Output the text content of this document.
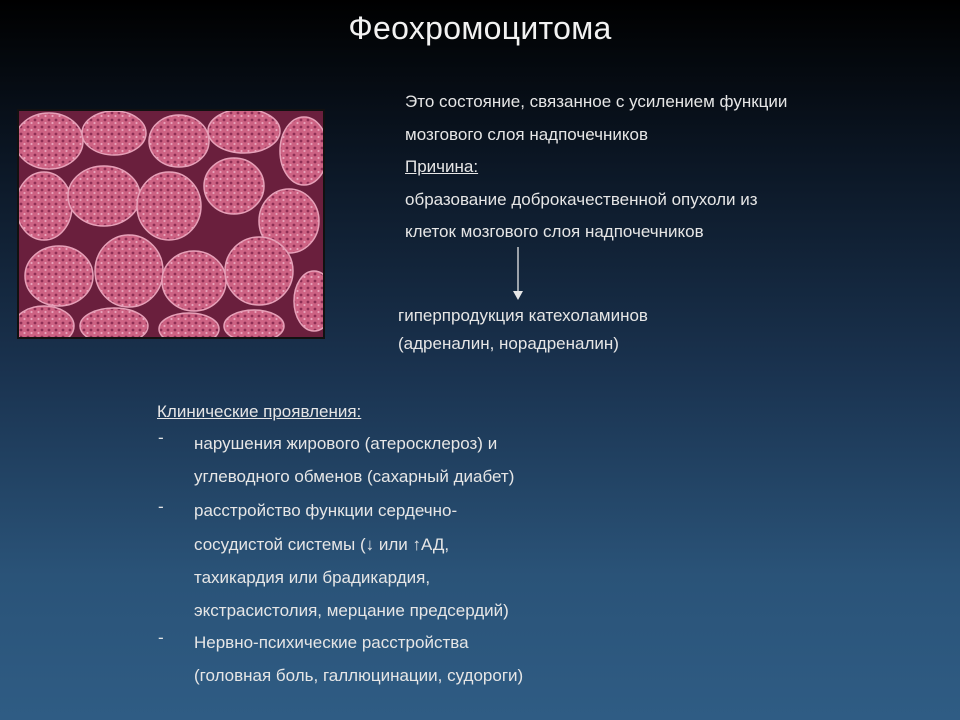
Феохромоцитома
Это состояние, связанное с усилением функции
мозгового слоя надпочечников
Причина:
образование доброкачественной опухоли из
клеток мозгового слоя надпочечников
гиперпродукция катехоламинов
(адреналин, норадреналин)
Клинические проявления:
- нарушения жирового (атеросклероз) и
углеводного обменов (сахарный диабет)
- расстройство функции сердечно-
сосудистой системы (↓ или ↑АД,
тахикардия или брадикардия,
экстрасистолия, мерцание предсердий)
- Нервно-психические расстройства
(головная боль, галлюцинации, судороги)
